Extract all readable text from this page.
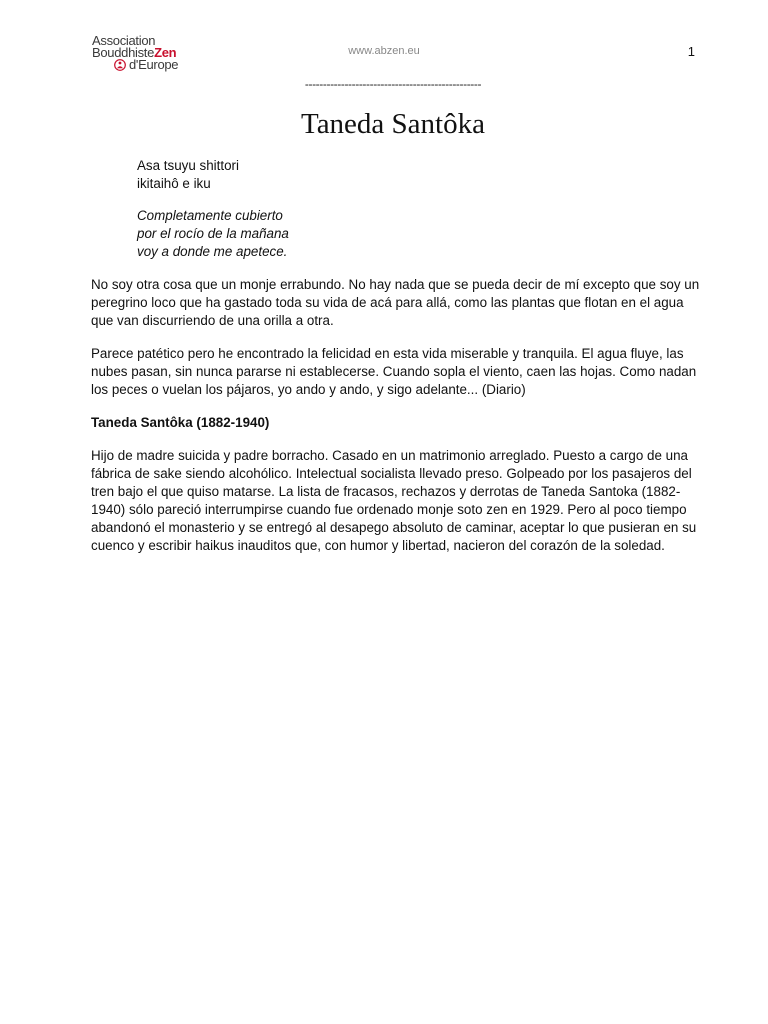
Association
BouddhisteZen
d'Europe
www.abzen.eu	1
-------------------------------------------------
Taneda Santôka
Asa tsuyu shittori
ikitaihô e iku
Completamente cubierto
por el rocío de la mañana
voy a donde me apetece.

No soy otra cosa que un monje errabundo. No hay nada que se pueda decir de mí excepto que soy un peregrino loco que ha gastado toda su vida de acá para allá, como las plantas que flotan en el agua que van discurriendo de una orilla a otra.

Parece patético pero he encontrado la felicidad en esta vida miserable y tranquila. El agua fluye, las nubes pasan, sin nunca pararse ni establecerse. Cuando sopla el viento, caen las hojas. Como nadan los peces o vuelan los pájaros, yo ando y ando, y sigo adelante... (Diario)

Taneda Santôka (1882-1940)

Hijo de madre suicida y padre borracho. Casado en un matrimonio arreglado. Puesto a cargo de una fábrica de sake siendo alcohólico. Intelectual socialista llevado preso. Golpeado por los pasajeros del tren bajo el que quiso matarse. La lista de fracasos, rechazos y derrotas de Taneda Santoka (1882-1940) sólo pareció interrumpirse cuando fue ordenado monje soto zen en 1929. Pero al poco tiempo abandonó el monasterio y se entregó al desapego absoluto de caminar, aceptar lo que pusieran en su cuenco y escribir haikus inauditos que, con humor y libertad, nacieron del corazón de la soledad.
